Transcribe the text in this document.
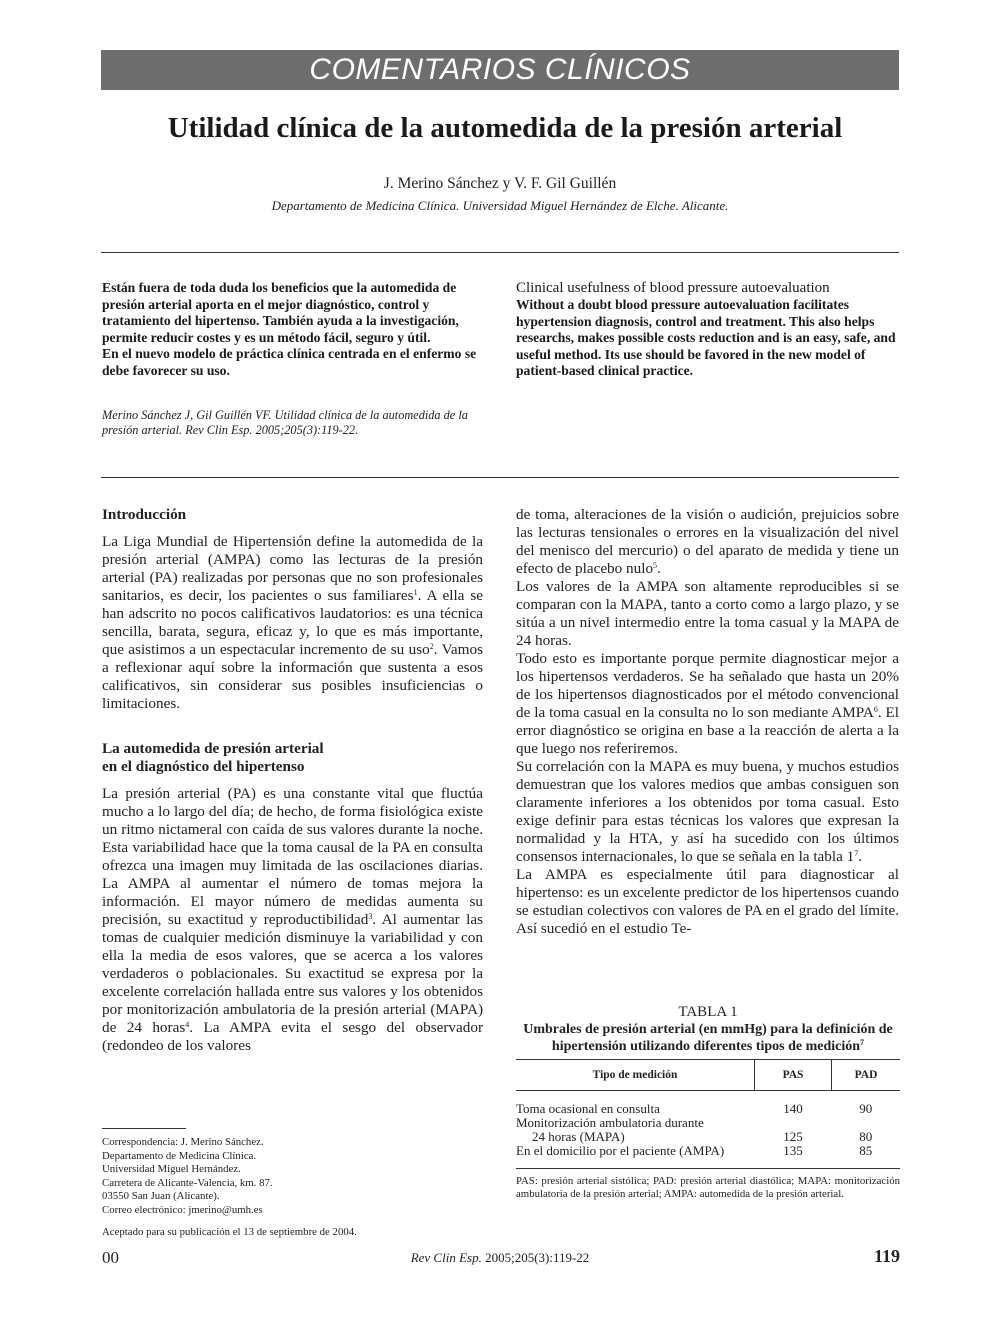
COMENTARIOS CLÍNICOS
Utilidad clínica de la automedida de la presión arterial
J. Merino Sánchez y V. F. Gil Guillén
Departamento de Medicina Clínica. Universidad Miguel Hernández de Elche. Alicante.

Están fuera de toda duda los beneficios que la automedida de presión arterial aporta en el mejor diagnóstico, control y tratamiento del hipertenso. También ayuda a la investigación, permite reducir costes y es un método fácil, seguro y útil.

En el nuevo modelo de práctica clínica centrada en el enfermo se debe favorecer su uso.

Merino Sánchez J, Gil Guillén VF. Utilidad clínica de la automedida de la presión arterial. Rev Clin Esp. 2005;205(3):119-22.

Clinical usefulness of blood pressure autoevaluation

Without a doubt blood pressure autoevaluation facilitates hypertension diagnosis, control and treatment. This also helps researchs, makes possible costs reduction and is an easy, safe, and useful method. Its use should be favored in the new model of patient-based clinical practice.

Introducción

La Liga Mundial de Hipertensión define la automedida de la presión arterial (AMPA) como las lecturas de la presión arterial (PA) realizadas por personas que no son profesionales sanitarios, es decir, los pacientes o sus familiares$^1$. A ella se han adscrito no pocos calificativos laudatorios: es una técnica sencilla, barata, segura, eficaz y, lo que es más importante, que asistimos a un espectacular incremento de su uso$^2$. Vamos a reflexionar aquí sobre la información que sustenta a esos calificativos, sin considerar sus posibles insuficiencias o limitaciones.

La automedida de presión arterial
en el diagnóstico del hipertenso

La presión arterial (PA) es una constante vital que fluctúa mucho a lo largo del día; de hecho, de forma fisiológica existe un ritmo nictameral con caída de sus valores durante la noche. Esta variabilidad hace que la toma causal de la PA en consulta ofrezca una imagen muy limitada de las oscilaciones diarias. La AMPA al aumentar el número de tomas mejora la información. El mayor número de medidas aumenta su precisión, su exactitud y reproductibilidad$^3$. Al aumentar las tomas de cualquier medición disminuye la variabilidad y con ella la media de esos valores, que se acerca a los valores verdaderos o poblacionales. Su exactitud se expresa por la excelente correlación hallada entre sus valores y los obtenidos por monitorización ambulatoria de la presión arterial (MAPA) de 24 horas$^4$. La AMPA evita el sesgo del observador (redondeo de los valores

de toma, alteraciones de la visión o audición, prejuicios sobre las lecturas tensionales o errores en la visualización del nivel del menisco del mercurio) o del aparato de medida y tiene un efecto de placebo nulo$^5$.

Los valores de la AMPA son altamente reproducibles si se comparan con la MAPA, tanto a corto como a largo plazo, y se sitúa a un nivel intermedio entre la toma casual y la MAPA de 24 horas.

Todo esto es importante porque permite diagnosticar mejor a los hipertensos verdaderos. Se ha señalado que hasta un 20% de los hipertensos diagnosticados por el método convencional de la toma casual en la consulta no lo son mediante AMPA$^6$. El error diagnóstico se origina en base a la reacción de alerta a la que luego nos referiremos.

Su correlación con la MAPA es muy buena, y muchos estudios demuestran que los valores medios que ambas consiguen son claramente inferiores a los obtenidos por toma casual. Esto exige definir para estas técnicas los valores que expresan la normalidad y la HTA, y así ha sucedido con los últimos consensos internacionales, lo que se señala en la tabla $1^7$.

La AMPA es especialmente útil para diagnosticar al hipertenso: es un excelente predictor de los hipertensos cuando se estudian colectivos con valores de PA en el grado del límite. Así sucedió en el estudio Te-

Correspondencia: J. Merino Sánchez.

Departamento de Medicina Clínica.

Universidad Miguel Hernández.

Carretera de Alicante-Valencia, km. 87.

03550 San Juan (Alicante).

Correo electrónico: jmerino@umh.es

Aceptado para su publicación el 13 de septiembre de 2004.

TABLA 1

Umbrales de presión arterial (en mmHg) para la definición de hipertensión utilizando diferentes tipos de medición$^7$

Tipo de medición	PAS	PAD
Toma ocasional en consulta	140	90
Monitorización ambulatoria durante		
24 horas (MAPA)	125	80
En el domicilio por el paciente (AMPA)	135	85

PAS: presión arterial sistólica; PAD: presión arterial diastólica; MAPA: monitorización ambulatoria de la presión arterial; AMPA: automedida de la presión arterial.

00	Rev Clin Esp. 2005;205(3):119-22	119
